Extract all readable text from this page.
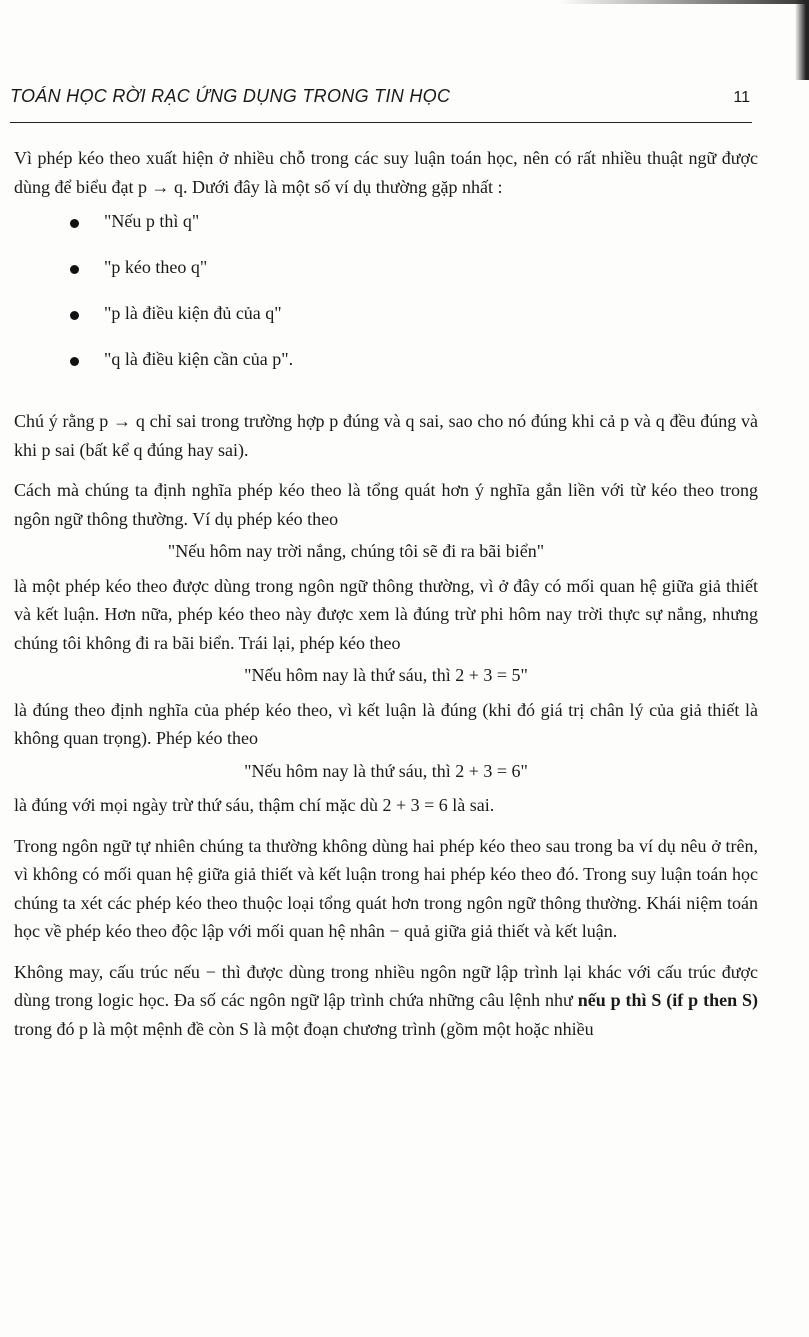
TOÁN HỌC RỜI RẠC ỨNG DỤNG TRONG TIN HỌC	11

Vì phép kéo theo xuất hiện ở nhiều chỗ trong các suy luận toán học, nên có rất nhiều thuật ngữ được dùng để biểu đạt p → q. Dưới đây là một số ví dụ thường gặp nhất :

"Nếu p thì q"
"p kéo theo q"
"p là điều kiện đủ của q"
"q là điều kiện cần của p".

Chú ý rằng p → q chỉ sai trong trường hợp p đúng và q sai, sao cho nó đúng khi cả p và q đều đúng và khi p sai (bất kể q đúng hay sai).

Cách mà chúng ta định nghĩa phép kéo theo là tổng quát hơn ý nghĩa gắn liền với từ kéo theo trong ngôn ngữ thông thường. Ví dụ phép kéo theo

"Nếu hôm nay trời nắng, chúng tôi sẽ đi ra bãi biển"

là một phép kéo theo được dùng trong ngôn ngữ thông thường, vì ở đây có mối quan hệ giữa giả thiết và kết luận. Hơn nữa, phép kéo theo này được xem là đúng trừ phi hôm nay trời thực sự nắng, nhưng chúng tôi không đi ra bãi biển. Trái lại, phép kéo theo

"Nếu hôm nay là thứ sáu, thì 2 + 3 = 5"

là đúng theo định nghĩa của phép kéo theo, vì kết luận là đúng (khi đó giá trị chân lý của giả thiết là không quan trọng). Phép kéo theo

"Nếu hôm nay là thứ sáu, thì 2 + 3 = 6"

là đúng với mọi ngày trừ thứ sáu, thậm chí mặc dù 2 + 3 = 6 là sai.

Trong ngôn ngữ tự nhiên chúng ta thường không dùng hai phép kéo theo sau trong ba ví dụ nêu ở trên, vì không có mối quan hệ giữa giả thiết và kết luận trong hai phép kéo theo đó. Trong suy luận toán học chúng ta xét các phép kéo theo thuộc loại tổng quát hơn trong ngôn ngữ thông thường. Khái niệm toán học về phép kéo theo độc lập với mối quan hệ nhân − quả giữa giả thiết và kết luận.

Không may, cấu trúc nếu − thì được dùng trong nhiều ngôn ngữ lập trình lại khác với cấu trúc được dùng trong logic học. Đa số các ngôn ngữ lập trình chứa những câu lệnh như nếu p thì S (if p then S) trong đó p là một mệnh đề còn S là một đoạn chương trình (gồm một hoặc nhiều
